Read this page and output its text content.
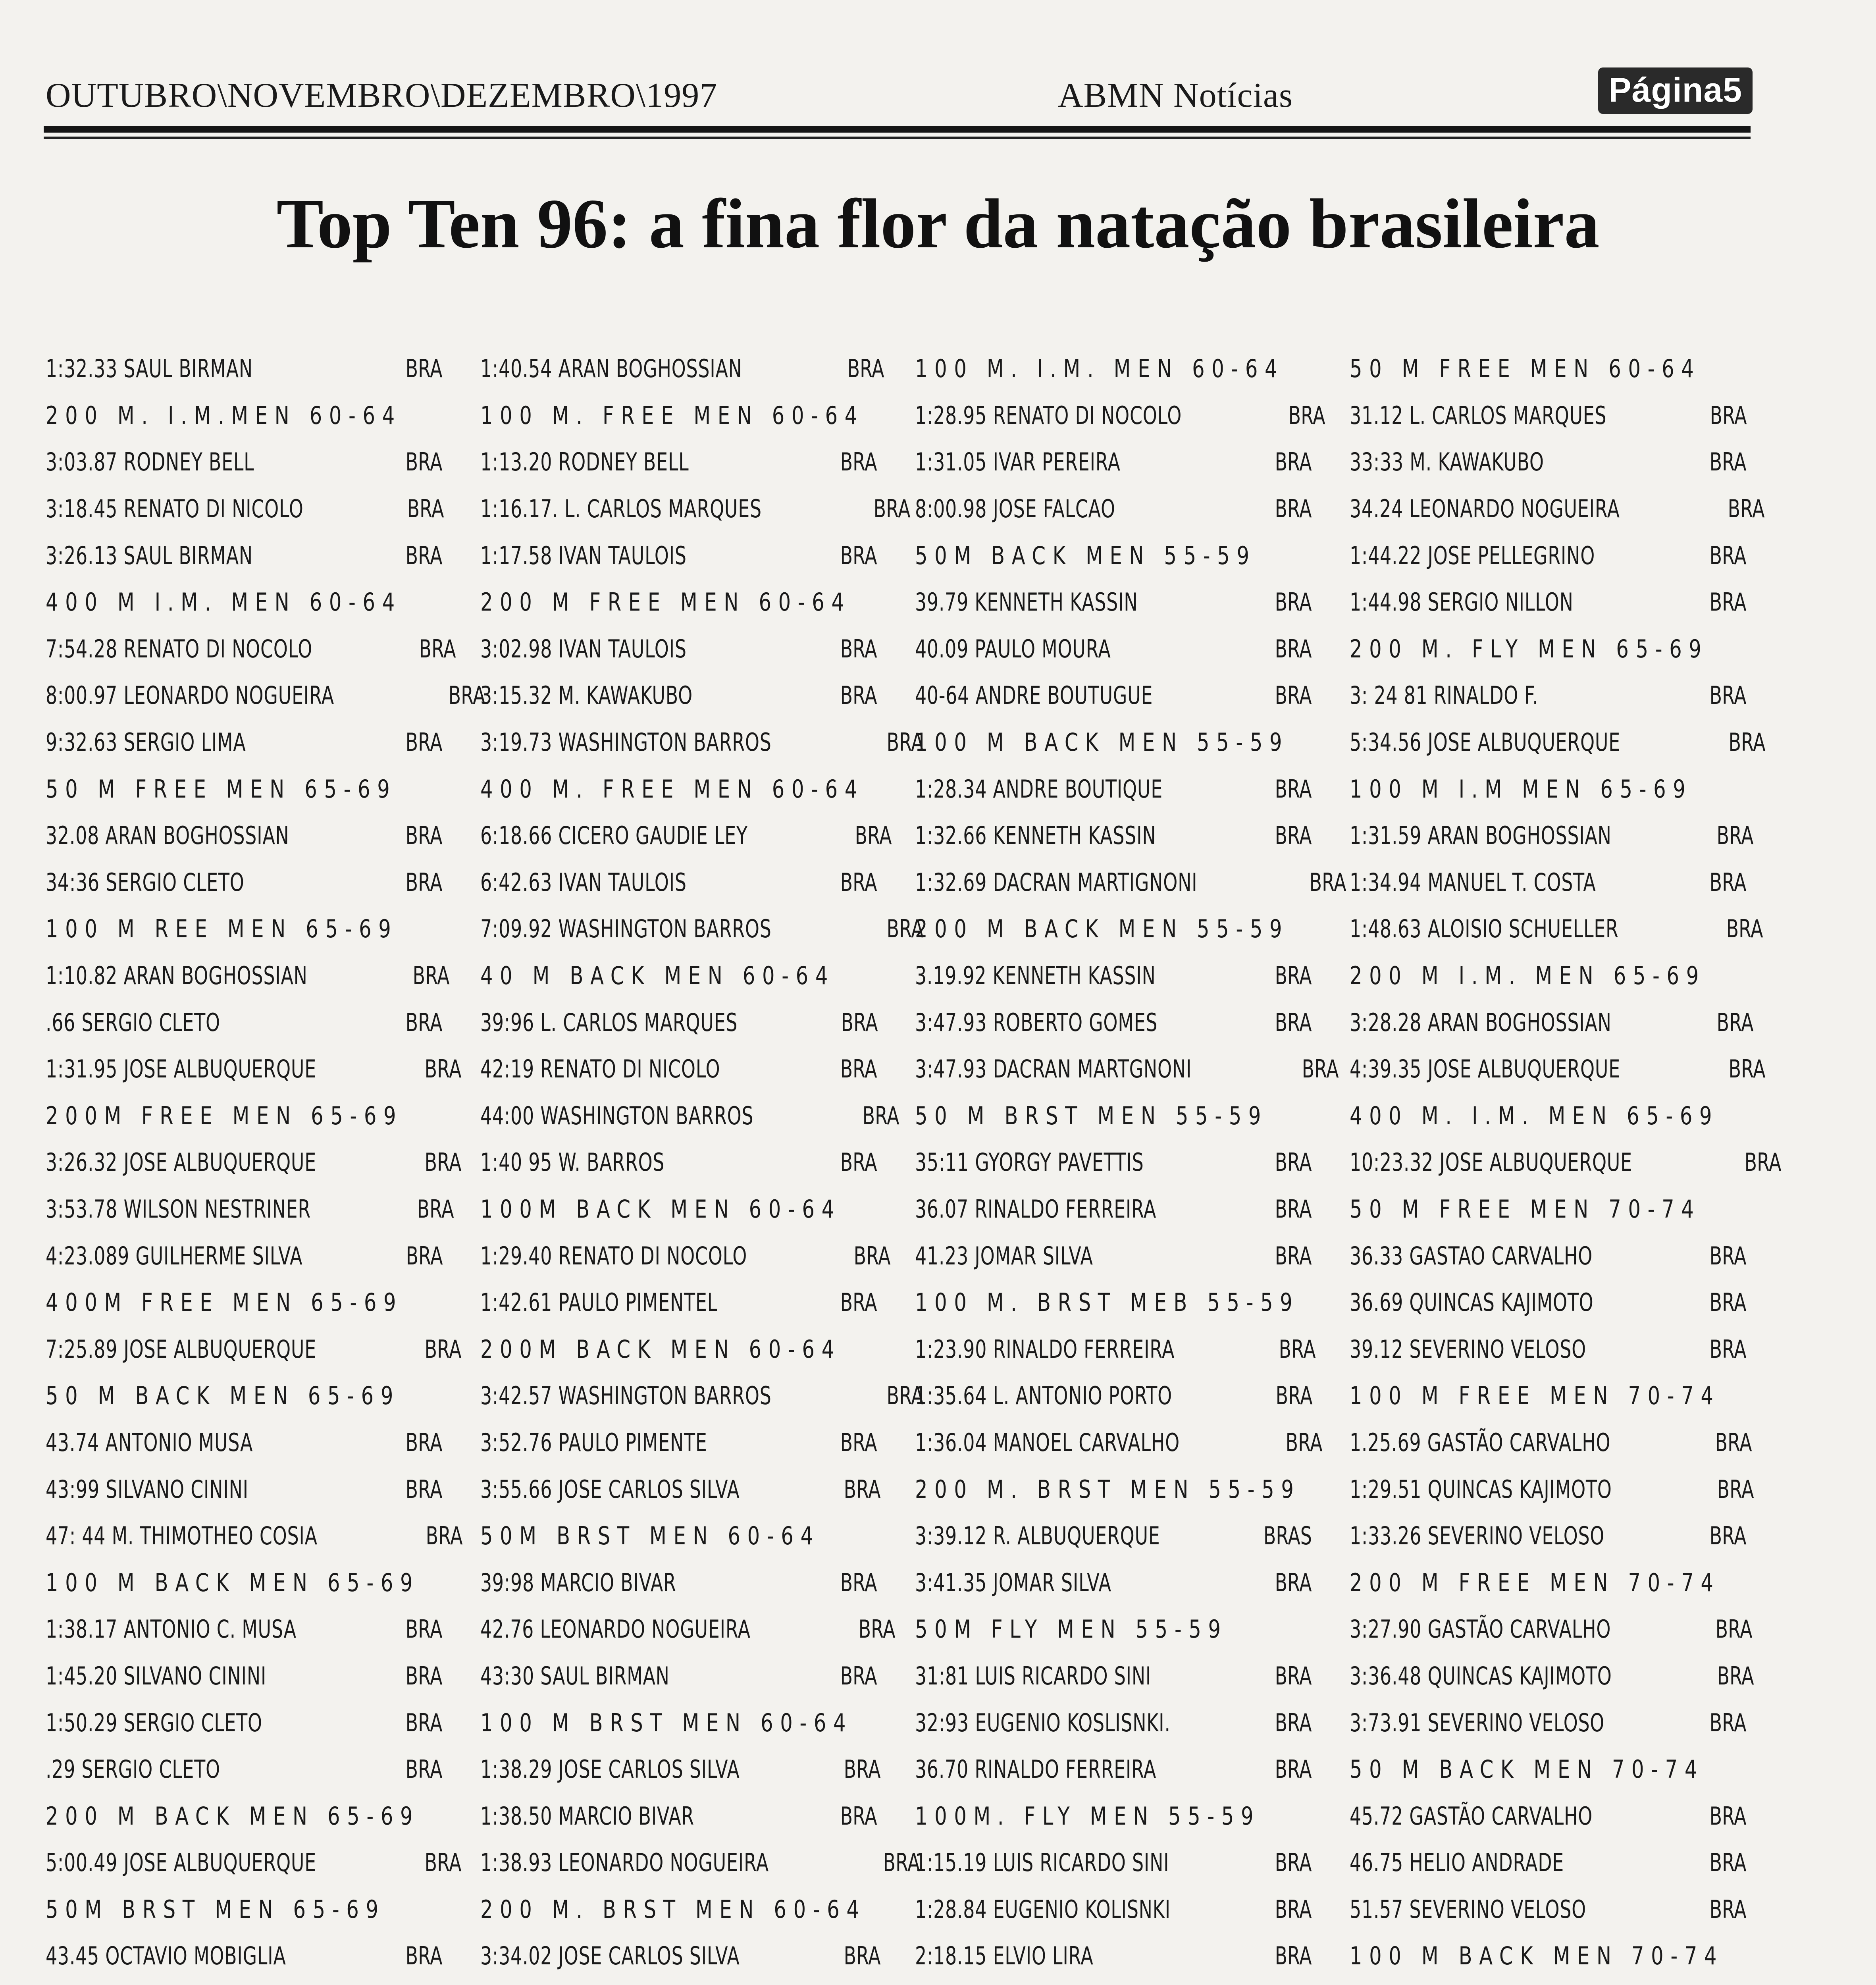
OUTUBRO\NOVEMBRO\DEZEMBRO\1997	ABMN Notícias	Página5
Top Ten 96: a fina flor da natação brasileira
1:32.33 SAUL BIRMAN	BRA
200 M. I.M.MEN 60-64
3:03.87 RODNEY BELL	BRA
3:18.45 RENATO DI NICOLO	BRA
3:26.13 SAUL BIRMAN	BRA
400 M I.M. MEN 60-64
7:54.28 RENATO DI NOCOLO	BRA
8:00.97 LEONARDO NOGUEIRA	BRA
9:32.63 SERGIO LIMA	BRA
50 M FREE MEN 65-69
32.08 ARAN BOGHOSSIAN	BRA
34:36 SERGIO CLETO	BRA
100 M REE MEN 65-69
1:10.82 ARAN BOGHOSSIAN	BRA
.66 SERGIO CLETO	BRA
1:31.95 JOSE ALBUQUERQUE	BRA
200M FREE MEN 65-69
3:26.32 JOSE ALBUQUERQUE	BRA
3:53.78 WILSON NESTRINER	BRA
4:23.089 GUILHERME SILVA	BRA
400M FREE MEN 65-69
7:25.89 JOSE ALBUQUERQUE	BRA
50 M BACK MEN 65-69
43.74 ANTONIO MUSA	BRA
43:99 SILVANO CININI	BRA
47: 44 M. THIMOTHEO COSIA	BRA
100 M BACK MEN 65-69
1:38.17 ANTONIO C. MUSA	BRA
1:45.20 SILVANO CININI	BRA
1:50.29 SERGIO CLETO	BRA
.29 SERGIO CLETO	BRA
200 M BACK MEN 65-69
5:00.49 JOSE ALBUQUERQUE	BRA
50M BRST MEN 65-69
43.45 OCTAVIO MOBIGLIA	BRA
1:40.54 ARAN BOGHOSSIAN	BRA
100 M. FREE MEN 60-64
1:13.20 RODNEY BELL	BRA
1:16.17. L. CARLOS MARQUES	BRA
1:17.58 IVAN TAULOIS	BRA
200 M FREE MEN 60-64
3:02.98 IVAN TAULOIS	BRA
3:15.32 M. KAWAKUBO	BRA
3:19.73 WASHINGTON BARROS	BRA
400 M. FREE MEN 60-64
6:18.66 CICERO GAUDIE LEY	BRA
6:42.63 IVAN TAULOIS	BRA
7:09.92 WASHINGTON BARROS	BRA
40 M BACK MEN 60-64
39:96 L. CARLOS MARQUES	BRA
42:19 RENATO DI NICOLO	BRA
44:00 WASHINGTON BARROS	BRA
1:40 95 W. BARROS	BRA
100M BACK MEN 60-64
1:29.40 RENATO DI NOCOLO	BRA
1:42.61 PAULO PIMENTEL	BRA
200M BACK MEN 60-64
3:42.57 WASHINGTON BARROS	BRA
3:52.76 PAULO PIMENTE	BRA
3:55.66 JOSE CARLOS SILVA	BRA
50M BRST MEN 60-64
39:98 MARCIO BIVAR	BRA
42.76 LEONARDO NOGUEIRA	BRA
43:30 SAUL BIRMAN	BRA
100 M BRST MEN 60-64
1:38.29 JOSE CARLOS SILVA	BRA
1:38.50 MARCIO BIVAR	BRA
1:38.93 LEONARDO NOGUEIRA	BRA
200 M. BRST MEN 60-64
3:34.02 JOSE CARLOS SILVA	BRA
100 M. I.M. MEN 60-64
1:28.95 RENATO DI NOCOLO	BRA
1:31.05 IVAR PEREIRA	BRA
8:00.98 JOSE FALCAO	BRA
50M BACK MEN 55-59
39.79 KENNETH KASSIN	BRA
40.09 PAULO MOURA	BRA
40-64 ANDRE BOUTUGUE	BRA
100 M BACK MEN 55-59
1:28.34 ANDRE BOUTIQUE	BRA
1:32.66 KENNETH KASSIN	BRA
1:32.69 DACRAN MARTIGNONI	BRA
200 M BACK MEN 55-59
3.19.92 KENNETH KASSIN	BRA
3:47.93 ROBERTO GOMES	BRA
3:47.93 DACRAN MARTGNONI	BRA
50 M BRST MEN 55-59
35:11 GYORGY PAVETTIS	BRA
36.07 RINALDO FERREIRA	BRA
41.23 JOMAR SILVA	BRA
100 M. BRST MEB 55-59
1:23.90 RINALDO FERREIRA	BRA
1:35.64 L. ANTONIO PORTO	BRA
1:36.04 MANOEL CARVALHO	BRA
200 M. BRST MEN 55-59
3:39.12 R. ALBUQUERQUE	BRAS
3:41.35 JOMAR SILVA	BRA
50M FLY MEN 55-59
31:81 LUIS RICARDO SINI	BRA
32:93 EUGENIO KOSLISNKI.	BRA
36.70 RINALDO FERREIRA	BRA
100M. FLY MEN 55-59
1:15.19 LUIS RICARDO SINI	BRA
1:28.84 EUGENIO KOLISNKI	BRA
2:18.15 ELVIO LIRA	BRA
50 M FREE MEN 60-64
31.12 L. CARLOS MARQUES	BRA
33:33 M. KAWAKUBO	BRA
34.24 LEONARDO NOGUEIRA	BRA
1:44.22 JOSE PELLEGRINO	BRA
1:44.98 SERGIO NILLON	BRA
200 M. FLY MEN 65-69
3: 24 81 RINALDO F.	BRA
5:34.56 JOSE ALBUQUERQUE	BRA
100 M I.M MEN 65-69
1:31.59 ARAN BOGHOSSIAN	BRA
1:34.94 MANUEL T. COSTA	BRA
1:48.63 ALOISIO SCHUELLER	BRA
200 M I.M. MEN 65-69
3:28.28 ARAN BOGHOSSIAN	BRA
4:39.35 JOSE ALBUQUERQUE	BRA
400 M. I.M. MEN 65-69
10:23.32 JOSE ALBUQUERQUE	BRA
50 M FREE MEN 70-74
36.33 GASTAO CARVALHO	BRA
36.69 QUINCAS KAJIMOTO	BRA
39.12 SEVERINO VELOSO	BRA
100 M FREE MEN 70-74
1.25.69 GASTÃO CARVALHO	BRA
1:29.51 QUINCAS KAJIMOTO	BRA
1:33.26 SEVERINO VELOSO	BRA
200 M FREE MEN 70-74
3:27.90 GASTÃO CARVALHO	BRA
3:36.48 QUINCAS KAJIMOTO	BRA
3:73.91 SEVERINO VELOSO	BRA
50 M BACK MEN 70-74
45.72 GASTÃO CARVALHO	BRA
46.75 HELIO ANDRADE	BRA
51.57 SEVERINO VELOSO	BRA
100 M BACK MEN 70-74
